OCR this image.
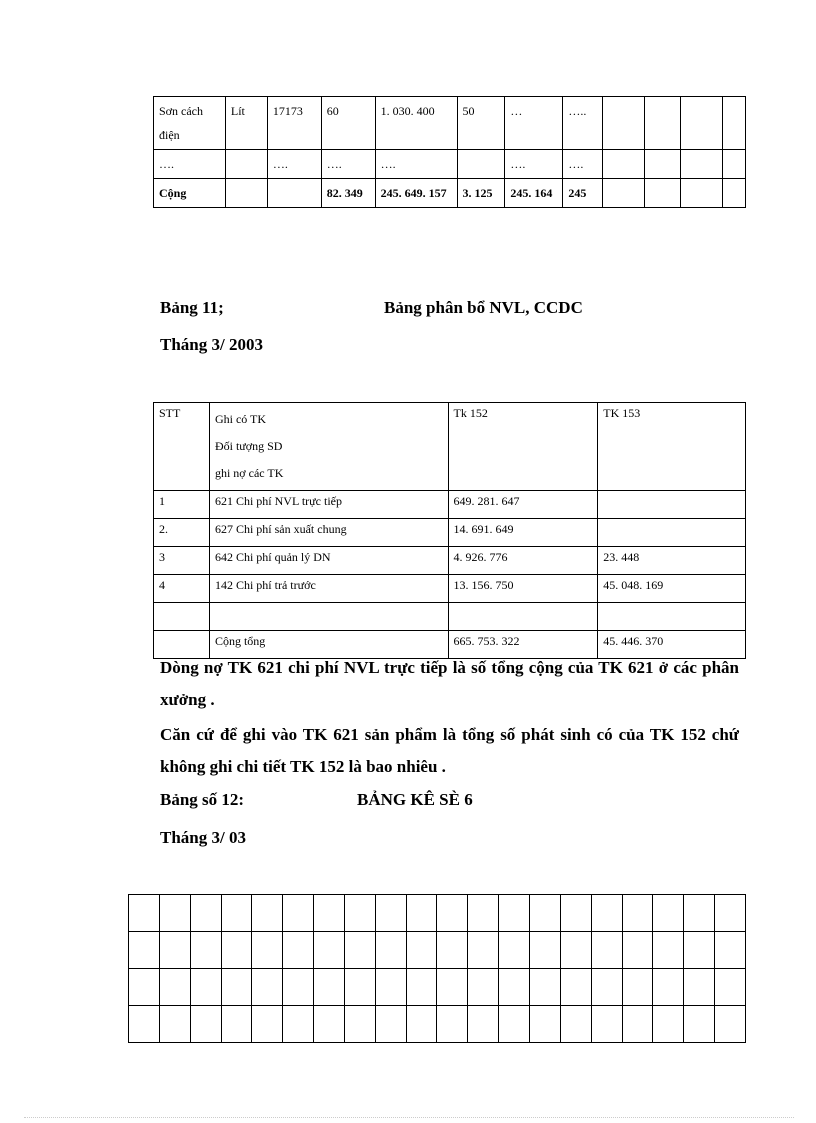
Sơn cách điện	Lít	17173	60	1. 030. 400	50	…	…..				
….		….	….	….		….	….				
Cộng			82. 349	245. 649. 157	3. 125	245. 164	245				
Bảng 11;	Bảng phân bổ NVL, CCDC
Tháng 3/ 2003
STT	Ghi có TK
Đối tượng SD
ghi nợ các TK	Tk 152	TK 153
1	621 Chi phí NVL trực tiếp	649. 281. 647	
2.	627 Chi phí sản xuất chung	14. 691. 649	
3	642 Chi phí quản lý DN	4. 926. 776	23. 448
4	142 Chi phí trả trước	13. 156. 750	45. 048. 169

	Cộng tổng	665. 753. 322	45. 446. 370
Dòng nợ TK 621 chi phí NVL trực tiếp là số tổng cộng của TK 621 ở các phân xưởng .
Căn cứ để ghi vào TK 621 sản phẩm là tổng số phát sinh có của TK 152 chứ không ghi chi tiết TK 152 là bao nhiêu .
Bảng số 12:	BẢNG KÊ SÈ 6
Tháng 3/ 03
